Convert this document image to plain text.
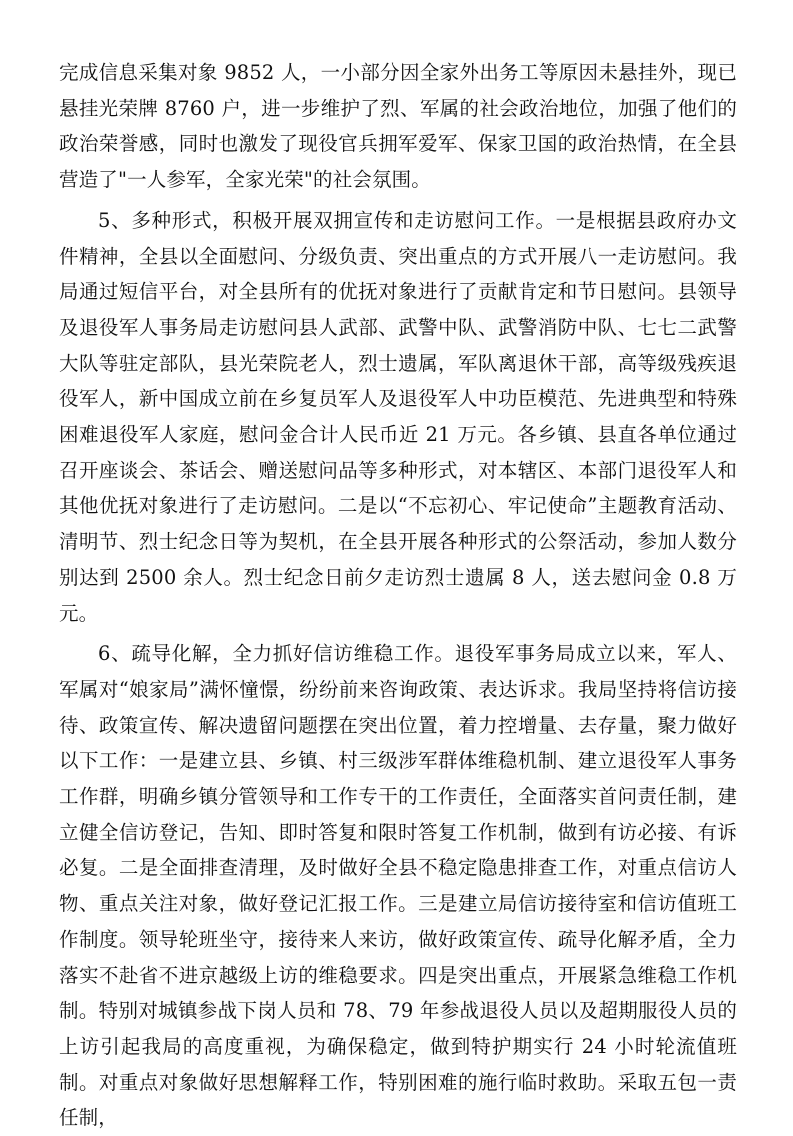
完成信息采集对象 9852 人，一小部分因全家外出务工等原因未悬挂外，现已悬挂光荣牌 8760 户，进一步维护了烈、军属的社会政治地位，加强了他们的政治荣誉感，同时也激发了现役官兵拥军爱军、保家卫国的政治热情，在全县营造了"一人参军，全家光荣"的社会氛围。

5、多种形式，积极开展双拥宣传和走访慰问工作。一是根据县政府办文件精神，全县以全面慰问、分级负责、突出重点的方式开展八一走访慰问。我局通过短信平台，对全县所有的优抚对象进行了贡献肯定和节日慰问。县领导及退役军人事务局走访慰问县人武部、武警中队、武警消防中队、七七二武警大队等驻定部队，县光荣院老人，烈士遗属，军队离退休干部，高等级残疾退役军人，新中国成立前在乡复员军人及退役军人中功臣模范、先进典型和特殊困难退役军人家庭，慰问金合计人民币近 21 万元。各乡镇、县直各单位通过召开座谈会、茶话会、赠送慰问品等多种形式，对本辖区、本部门退役军人和其他优抚对象进行了走访慰问。二是以“不忘初心、牢记使命”主题教育活动、清明节、烈士纪念日等为契机，在全县开展各种形式的公祭活动，参加人数分别达到 2500 余人。烈士纪念日前夕走访烈士遗属 8 人，送去慰问金 0.8 万元。

6、疏导化解，全力抓好信访维稳工作。退役军事务局成立以来，军人、军属对“娘家局”满怀憧憬，纷纷前来咨询政策、表达诉求。我局坚持将信访接待、政策宣传、解决遗留问题摆在突出位置，着力控增量、去存量，聚力做好以下工作：一是建立县、乡镇、村三级涉军群体维稳机制、建立退役军人事务工作群，明确乡镇分管领导和工作专干的工作责任，全面落实首问责任制，建立健全信访登记，告知、即时答复和限时答复工作机制，做到有访必接、有诉必复。二是全面排查清理，及时做好全县不稳定隐患排查工作，对重点信访人物、重点关注对象，做好登记汇报工作。三是建立局信访接待室和信访值班工作制度。领导轮班坐守，接待来人来访，做好政策宣传、疏导化解矛盾，全力落实不赴省不进京越级上访的维稳要求。四是突出重点，开展紧急维稳工作机制。特别对城镇参战下岗人员和 78、79 年参战退役人员以及超期服役人员的上访引起我局的高度重视，为确保稳定，做到特护期实行 24 小时轮流值班制。对重点对象做好思想解释工作，特别困难的施行临时救助。采取五包一责任制，
